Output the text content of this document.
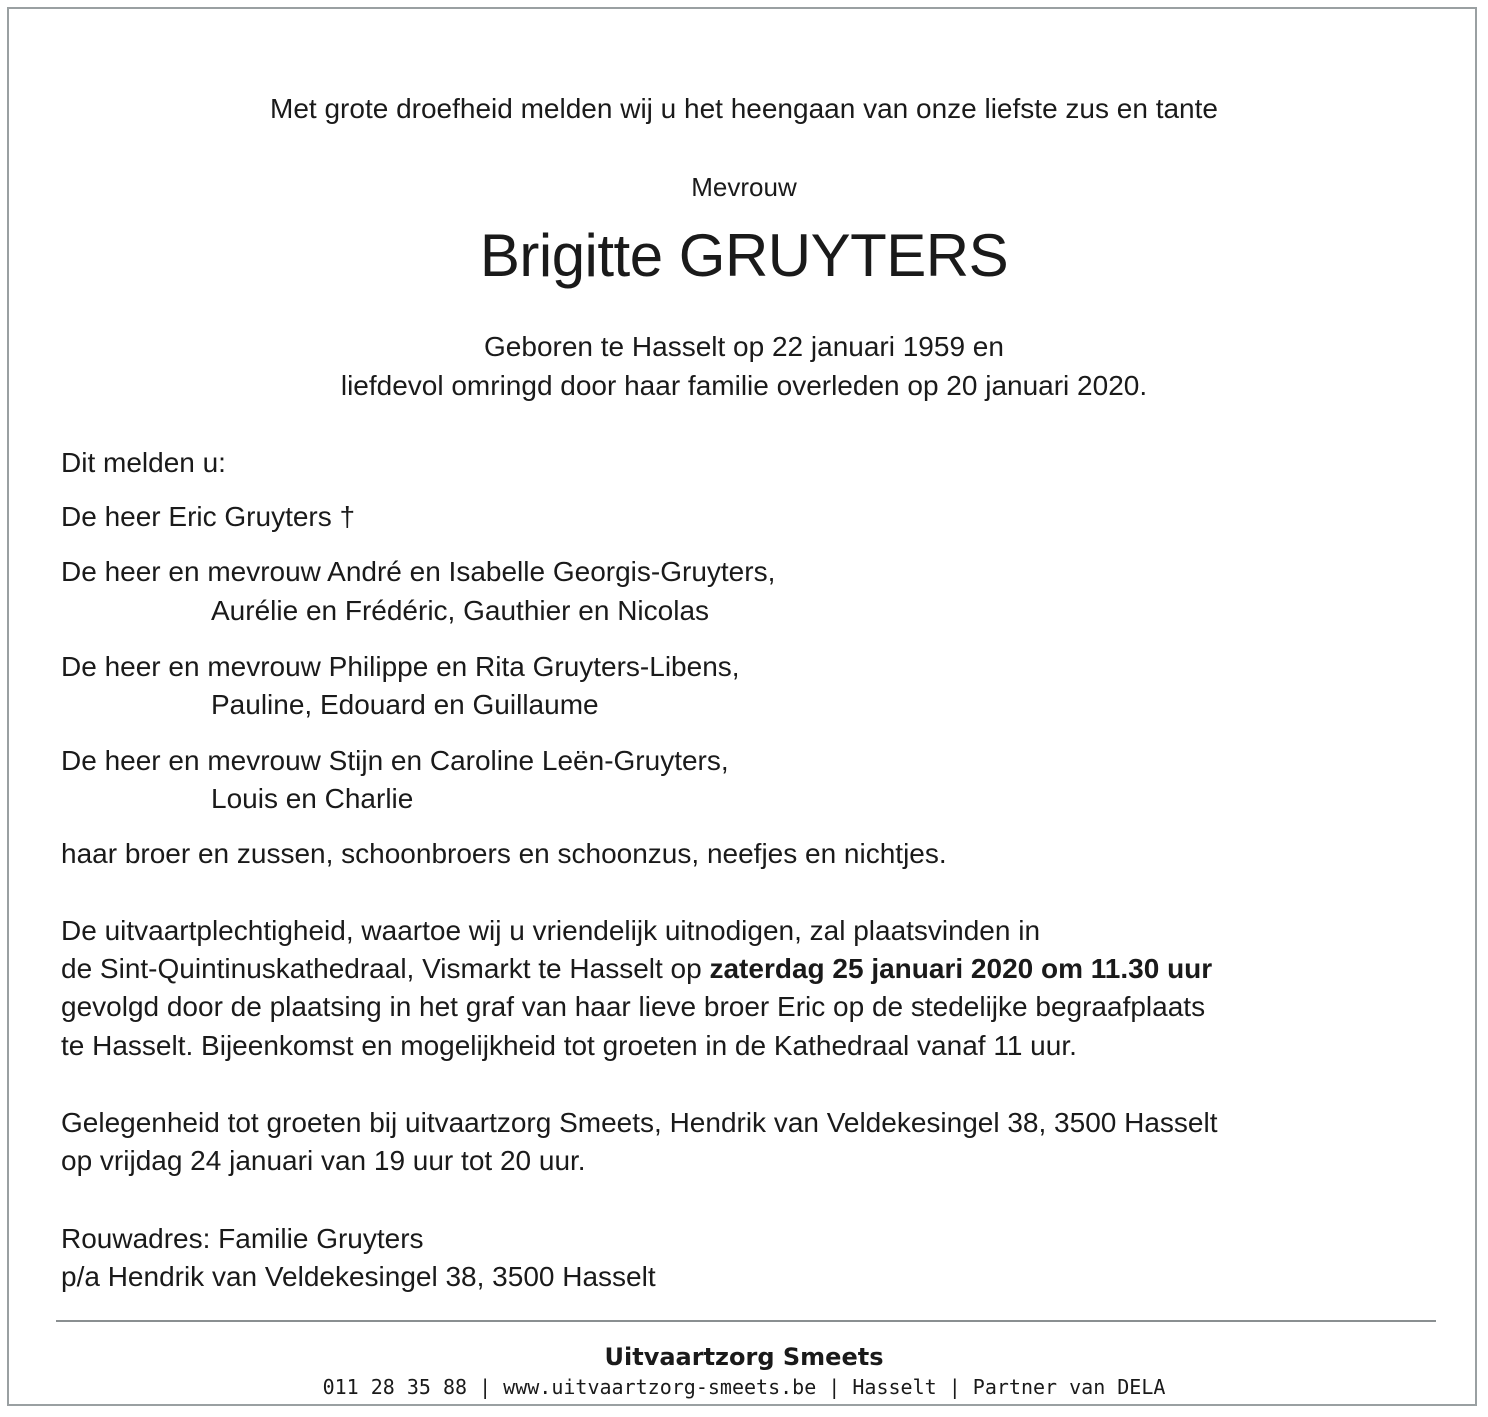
Met grote droefheid melden wij u het heengaan van onze liefste zus en tante
Mevrouw
Brigitte GRUYTERS
Geboren te Hasselt op 22 januari 1959 en
liefdevol omringd door haar familie overleden op 20 januari 2020.
Dit melden u:
De heer Eric Gruyters †
De heer en mevrouw André en Isabelle Georgis-Gruyters,
Aurélie en Frédéric, Gauthier en Nicolas
De heer en mevrouw Philippe en Rita Gruyters-Libens,
Pauline, Edouard en Guillaume
De heer en mevrouw Stijn en Caroline Leën-Gruyters,
Louis en Charlie
haar broer en zussen, schoonbroers en schoonzus, neefjes en nichtjes.
De uitvaartplechtigheid, waartoe wij u vriendelijk uitnodigen, zal plaatsvinden in
de Sint-Quintinuskathedraal, Vismarkt te Hasselt op zaterdag 25 januari 2020 om 11.30 uur
gevolgd door de plaatsing in het graf van haar lieve broer Eric op de stedelijke begraafplaats
te Hasselt. Bijeenkomst en mogelijkheid tot groeten in de Kathedraal vanaf 11 uur.
Gelegenheid tot groeten bij uitvaartzorg Smeets, Hendrik van Veldekesingel 38, 3500 Hasselt
op vrijdag 24 januari van 19 uur tot 20 uur.
Rouwadres: Familie Gruyters
p/a Hendrik van Veldekesingel 38, 3500 Hasselt
Uitvaartzorg Smeets
011 28 35 88 | www.uitvaartzorg-smeets.be | Hasselt | Partner van DELA
